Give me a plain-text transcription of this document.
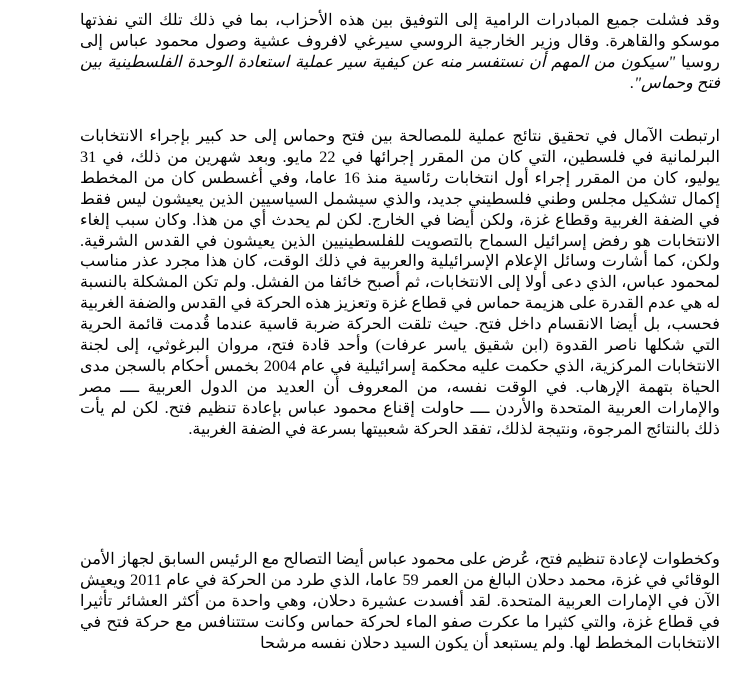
وقد فشلت جميع المبادرات الرامية إلى التوفيق بين هذه الأحزاب، بما في ذلك تلك التي نفذتها موسكو والقاهرة. وقال وزير الخارجية الروسي سيرغي لافروف عشية وصول محمود عباس إلى روسيا "سيكون من المهم أن نستفسر منه عن كيفية سير عملية استعادة الوحدة الفلسطينية بين فتح وحماس".

ارتبطت الآمال في تحقيق نتائج عملية للمصالحة بين فتح وحماس إلى حد كبير بإجراء الانتخابات البرلمانية في فلسطين، التي كان من المقرر إجرائها في 22 مايو. وبعد شهرين من ذلك، في 31 يوليو، كان من المقرر إجراء أول انتخابات رئاسية منذ 16 عاما، وفي أغسطس كان من المخطط إكمال تشكيل مجلس وطني فلسطيني جديد، والذي سيشمل السياسيين الذين يعيشون ليس فقط في الضفة الغربية وقطاع غزة، ولكن أيضا في الخارج. لكن لم يحدث أي من هذا. وكان سبب إلغاء الانتخابات هو رفض إسرائيل السماح بالتصويت للفلسطينيين الذين يعيشون في القدس الشرقية. ولكن، كما أشارت وسائل الإعلام الإسرائيلية والعربية في ذلك الوقت، كان هذا مجرد عذر مناسب لمحمود عباس، الذي دعى أولا إلى الانتخابات، ثم أصبح خائفا من الفشل. ولم تكن المشكلة بالنسبة له هي عدم القدرة على هزيمة حماس في قطاع غزة وتعزيز هذه الحركة في القدس والضفة الغربية فحسب، بل أيضا الانقسام داخل فتح. حيث تلقت الحركة ضربة قاسية عندما قُدمت قائمة الحرية التي شكلها ناصر القدوة (ابن شقيق ياسر عرفات) وأحد قادة فتح، مروان البرغوثي، إلى لجنة الانتخابات المركزية، الذي حكمت عليه محكمة إسرائيلية في عام 2004 بخمس أحكام بالسجن مدى الحياة بتهمة الإرهاب. في الوقت نفسه، من المعروف أن العديد من الدول العربية ــــ مصر والإمارات العربية المتحدة والأردن ــــ حاولت إقناع محمود عباس بإعادة تنظيم فتح. لكن لم يأت ذلك بالنتائج المرجوة، ونتيجة لذلك، تفقد الحركة شعبيتها بسرعة في الضفة الغربية.

وكخطوات لإعادة تنظيم فتح، عُرض على محمود عباس أيضا التصالح مع الرئيس السابق لجهاز الأمن الوقائي في غزة، محمد دحلان البالغ من العمر 59 عاما، الذي طرد من الحركة في عام 2011 ويعيش الآن في الإمارات العربية المتحدة. لقد أفسدت عشيرة دحلان، وهي واحدة من أكثر العشائر تأثيرا في قطاع غزة، والتي كثيرا ما عكرت صفو الماء لحركة حماس وكانت ستتنافس مع حركة فتح في الانتخابات المخطط لها. ولم يستبعد أن يكون السيد دحلان نفسه مرشحا
